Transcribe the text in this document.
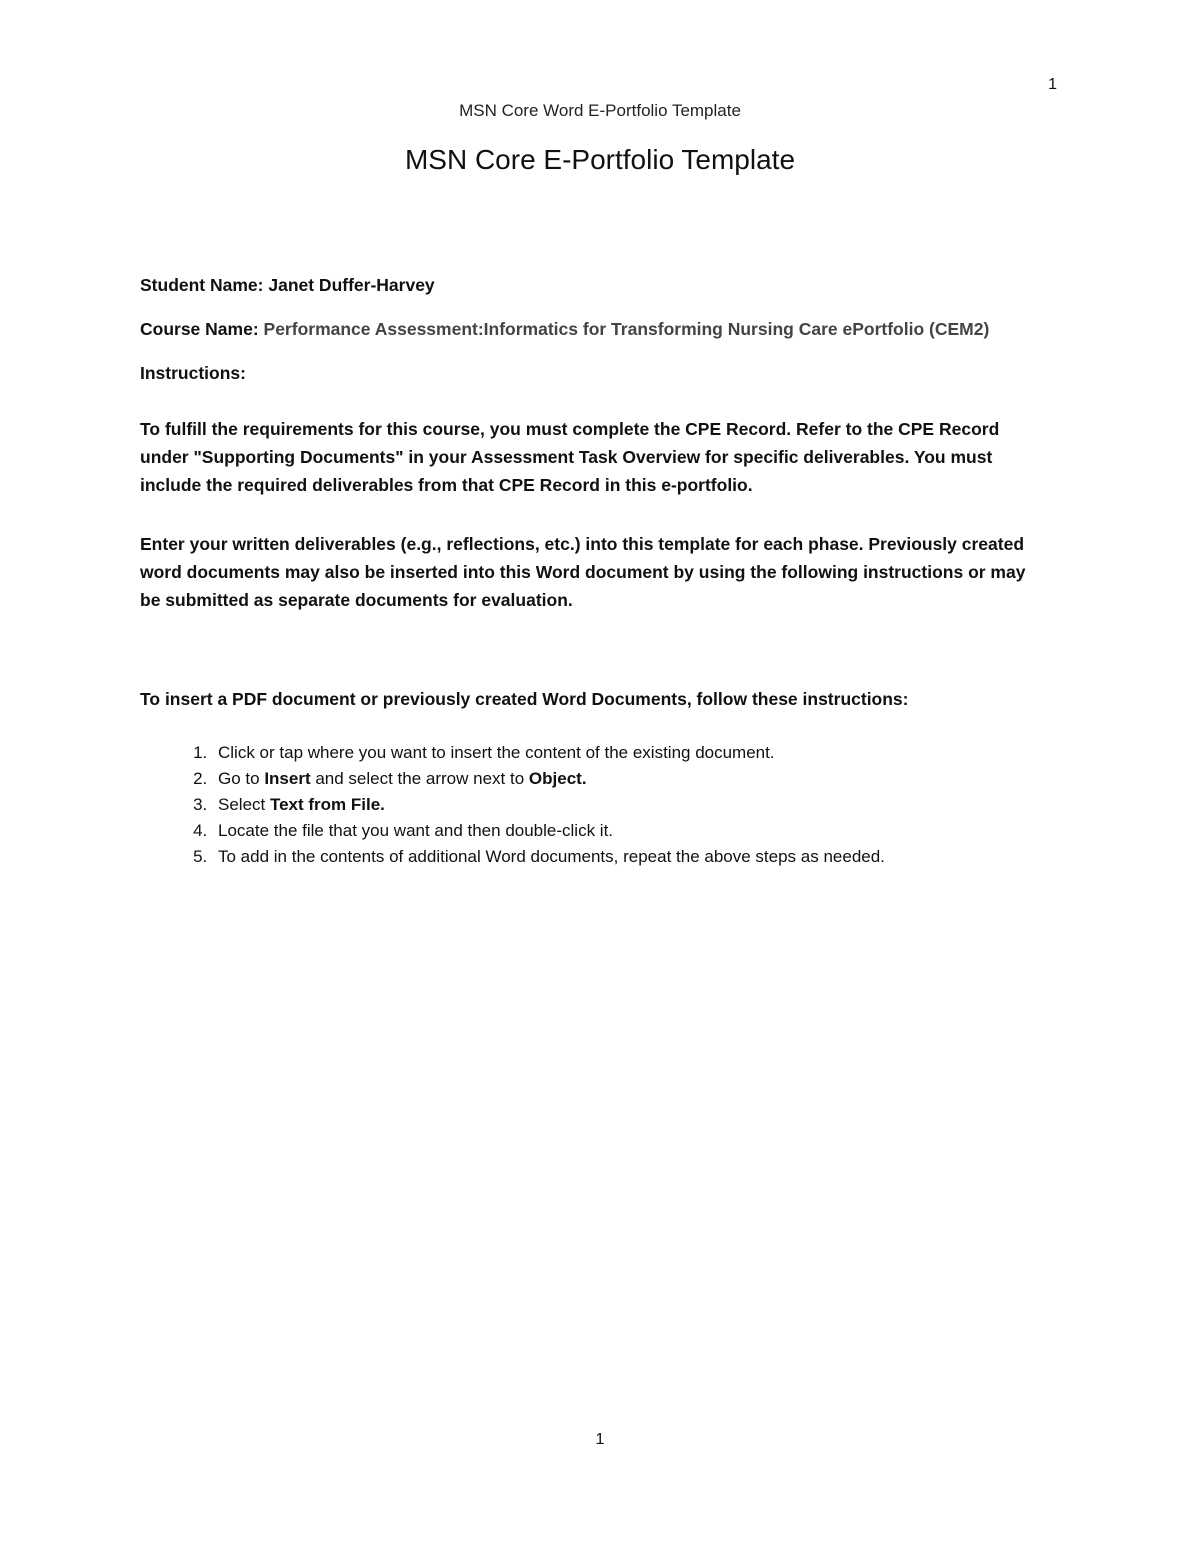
1
MSN Core Word E-Portfolio Template
MSN Core E-Portfolio Template
Student Name: Janet Duffer-Harvey
Course Name: Performance Assessment:Informatics for Transforming Nursing Care ePortfolio (CEM2)
Instructions:
To fulfill the requirements for this course, you must complete the CPE Record. Refer to the CPE Record under "Supporting Documents" in your Assessment Task Overview for specific deliverables. You must include the required deliverables from that CPE Record in this e-portfolio.
Enter your written deliverables (e.g., reflections, etc.) into this template for each phase. Previously created word documents may also be inserted into this Word document by using the following instructions or may be submitted as separate documents for evaluation.
To insert a PDF document or previously created Word Documents, follow these instructions:
1. Click or tap where you want to insert the content of the existing document.
2. Go to Insert and select the arrow next to Object.
3. Select Text from File.
4. Locate the file that you want and then double-click it.
5. To add in the contents of additional Word documents, repeat the above steps as needed.
1
